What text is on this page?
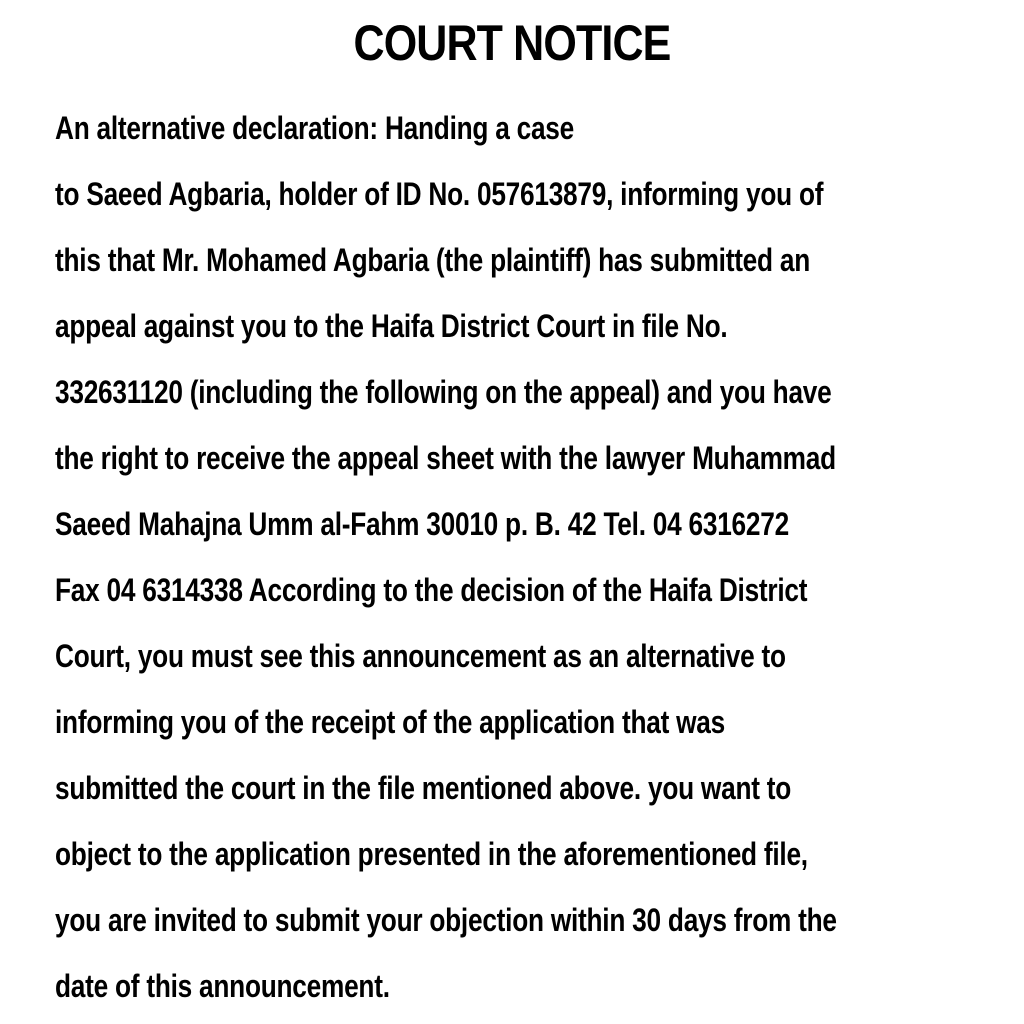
COURT NOTICE
An alternative declaration: Handing a case
to Saeed Agbaria, holder of ID No. 057613879, informing you of
this that Mr. Mohamed Agbaria (the plaintiff) has submitted an
appeal against you to the Haifa District Court in file No.
332631120 (including the following on the appeal) and you have
the right to receive the appeal sheet with the lawyer Muhammad
Saeed Mahajna Umm al-Fahm 30010 p. B. 42 Tel. 04 6316272
Fax 04 6314338 According to the decision of the Haifa District
Court, you must see this announcement as an alternative to
informing you of the receipt of the application that was
submitted the court in the file mentioned above. you want to
object to the application presented in the aforementioned file,
you are invited to submit your objection within 30 days from the
date of this announcement.
